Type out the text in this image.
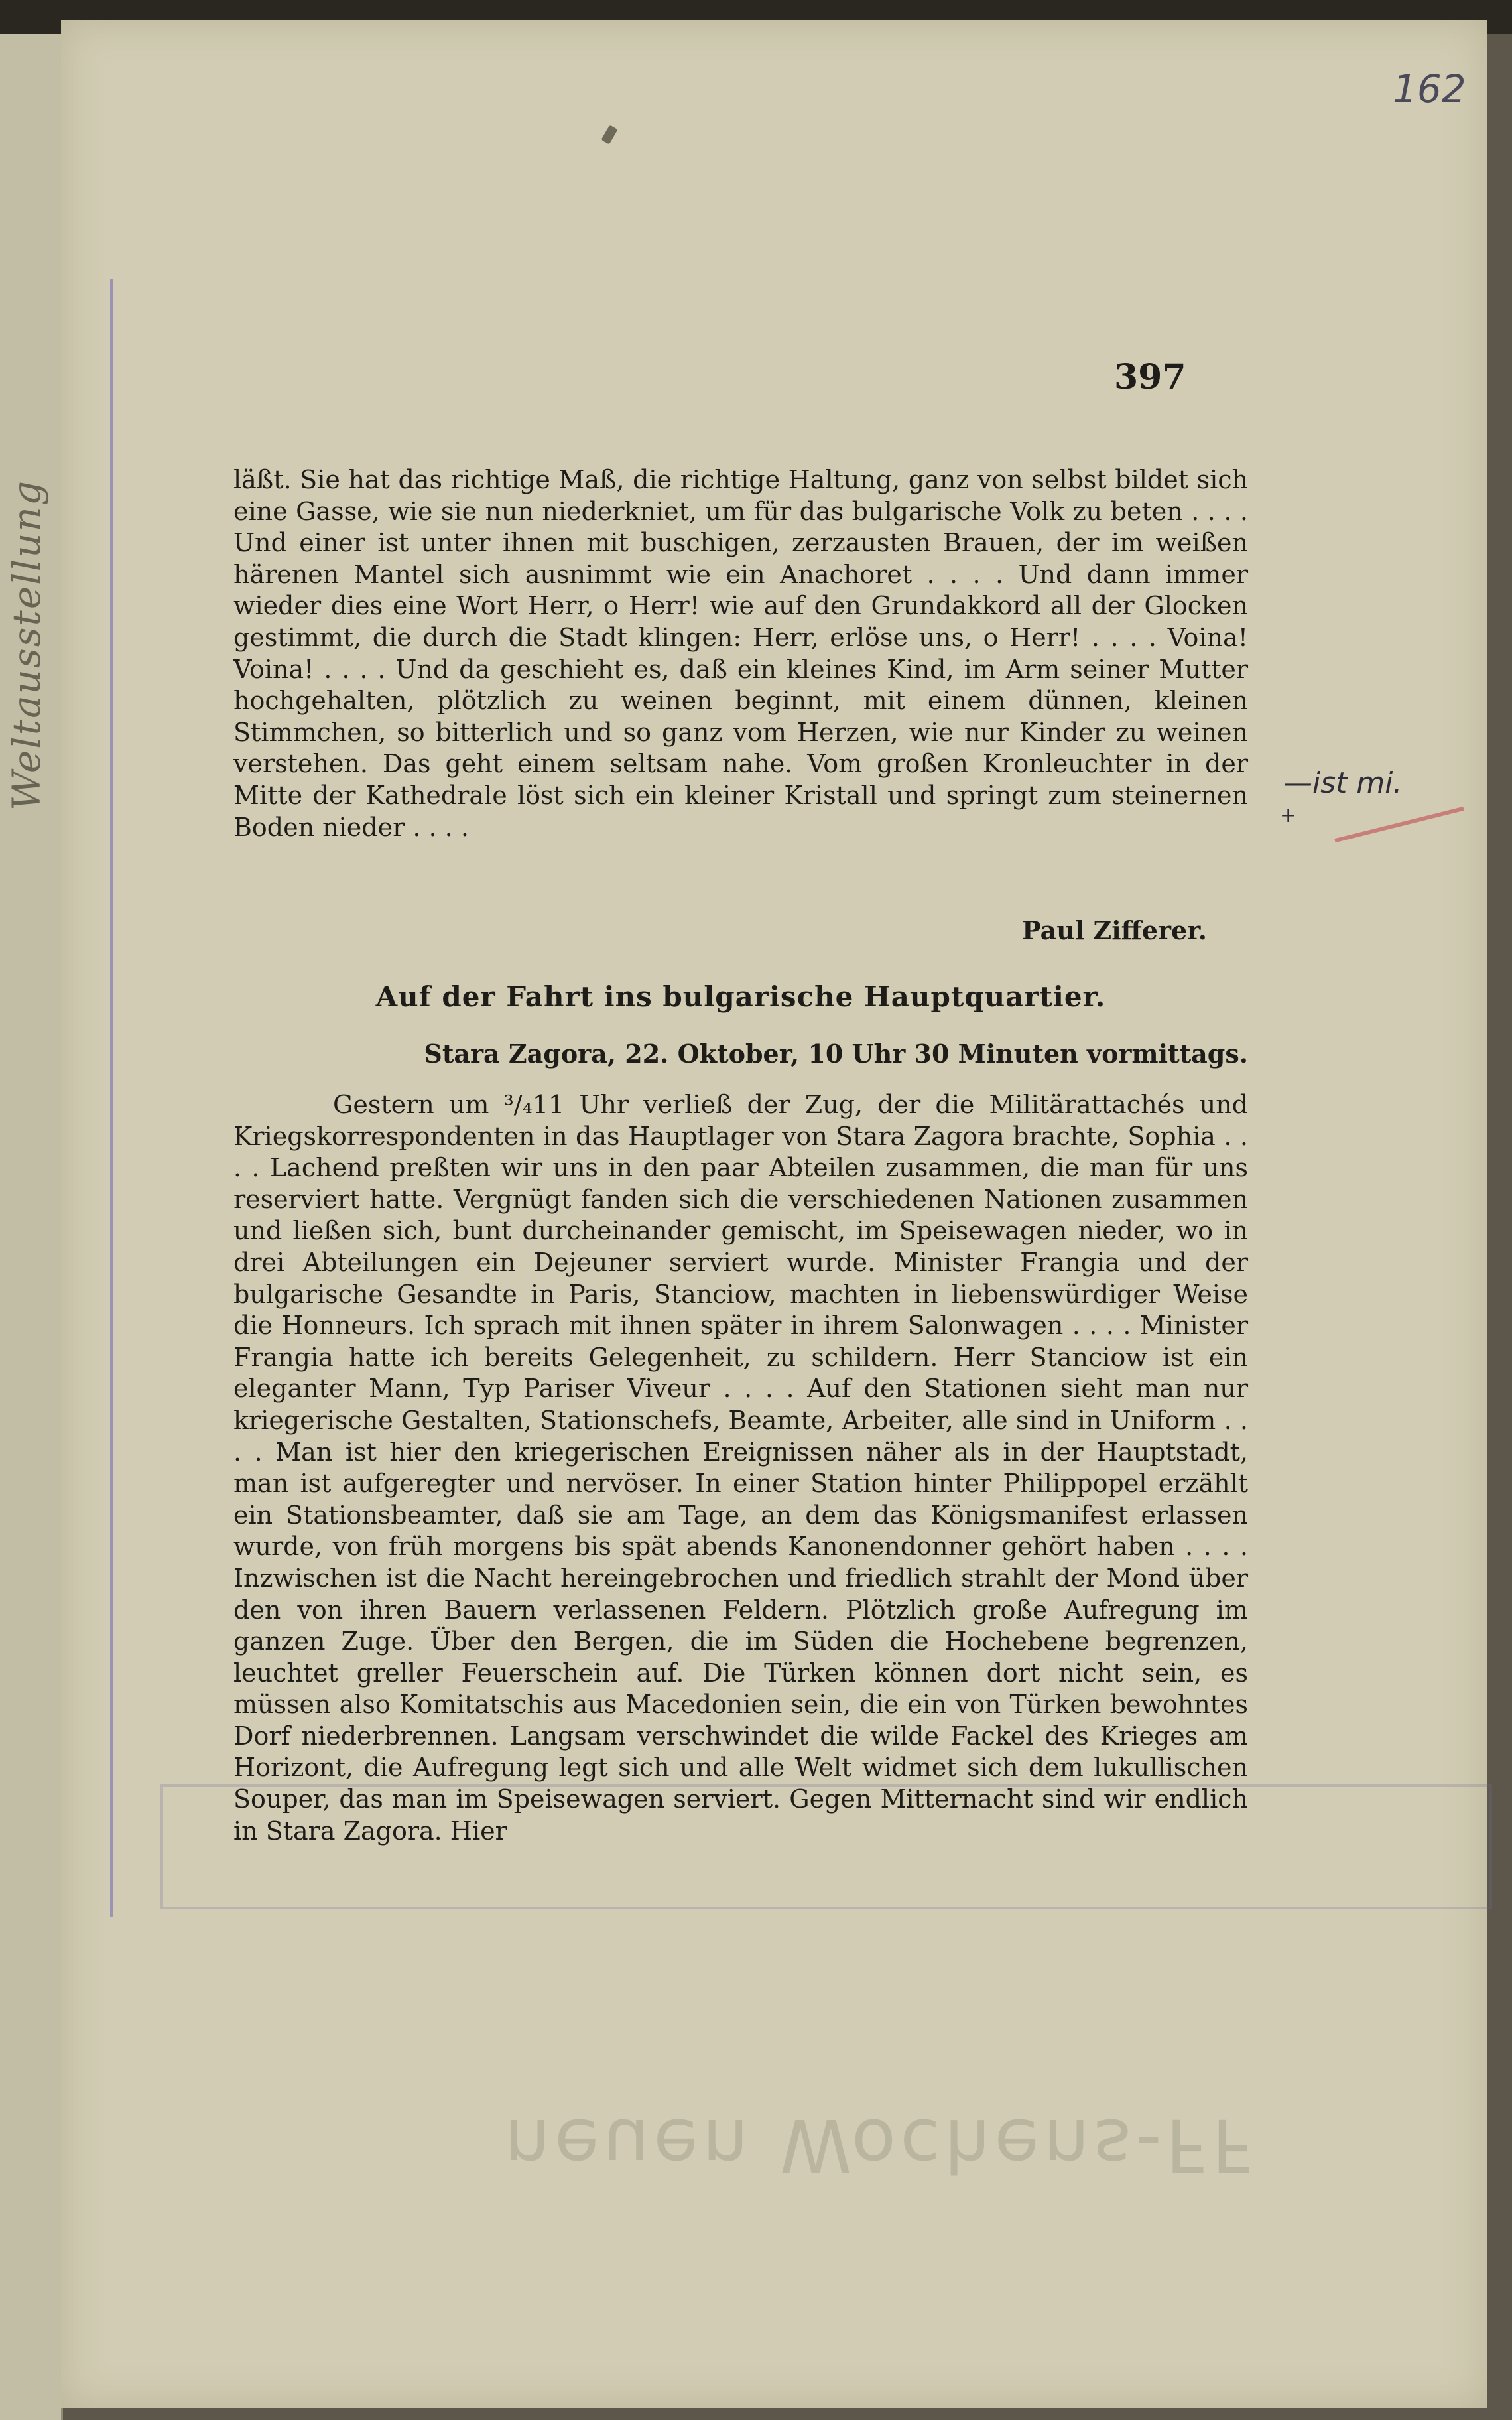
Weltausstellung
162
397

läßt. Sie hat das richtige Maß, die richtige Haltung, ganz von selbst bildet sich eine Gasse, wie sie nun niederkniet, um für das bulgarische Volk zu beten . . . . Und einer ist unter ihnen mit buschigen, zerzausten Brauen, der im weißen härenen Mantel sich ausnimmt wie ein Anachoret . . . . Und dann immer wieder dies eine Wort Herr, o Herr! wie auf den Grundakkord all der Glocken gestimmt, die durch die Stadt klingen: Herr, erlöse uns, o Herr! . . . . Voina! Voina! . . . . Und da geschieht es, daß ein kleines Kind, im Arm seiner Mutter hochgehalten, plötzlich zu weinen beginnt, mit einem dünnen, kleinen Stimmchen, so bitterlich und so ganz vom Herzen, wie nur Kinder zu weinen verstehen. Das geht einem seltsam nahe. Vom großen Kronleuchter in der Mitte der Kathedrale löst sich ein kleiner Kristall und springt zum steinernen Boden nieder . . . .

Paul Zifferer.
Auf der Fahrt ins bulgarische Hauptquartier.
Stara Zagora, 22. Oktober, 10 Uhr 30 Minuten vormittags.

Gestern um ³/₄11 Uhr verließ der Zug, der die Militärattachés und Kriegskorrespondenten in das Hauptlager von Stara Zagora brachte, Sophia . . . . Lachend preßten wir uns in den paar Abteilen zusammen, die man für uns reserviert hatte. Vergnügt fanden sich die verschiedenen Nationen zusammen und ließen sich, bunt durcheinander gemischt, im Speisewagen nieder, wo in drei Abteilungen ein Dejeuner serviert wurde. Minister Frangia und der bulgarische Gesandte in Paris, Stanciow, machten in liebenswürdiger Weise die Honneurs. Ich sprach mit ihnen später in ihrem Salonwagen . . . . Minister Frangia hatte ich bereits Gelegenheit, zu schildern. Herr Stanciow ist ein eleganter Mann, Typ Pariser Viveur . . . . Auf den Stationen sieht man nur kriegerische Gestalten, Stationschefs, Beamte, Arbeiter, alle sind in Uniform . . . . Man ist hier den kriegerischen Ereignissen näher als in der Hauptstadt, man ist aufgeregter und nervöser. In einer Station hinter Philippopel erzählt ein Stationsbeamter, daß sie am Tage, an dem das Königsmanifest erlassen wurde, von früh morgens bis spät abends Kanonendonner gehört haben . . . . Inzwischen ist die Nacht hereingebrochen und friedlich strahlt der Mond über den von ihren Bauern verlassenen Feldern. Plötzlich große Aufregung im ganzen Zuge. Über den Bergen, die im Süden die Hochebene begrenzen, leuchtet greller Feuerschein auf. Die Türken können dort nicht sein, es müssen also Komitatschis aus Macedonien sein, die ein von Türken bewohntes Dorf niederbrennen. Langsam verschwindet die wilde Fackel des Krieges am Horizont, die Aufregung legt sich und alle Welt widmet sich dem lukullischen Souper, das man im Speisewagen serviert. Gegen Mitternacht sind wir endlich in Stara Zagora. Hier

—ist mi.
+
neuen Wochens-FF
